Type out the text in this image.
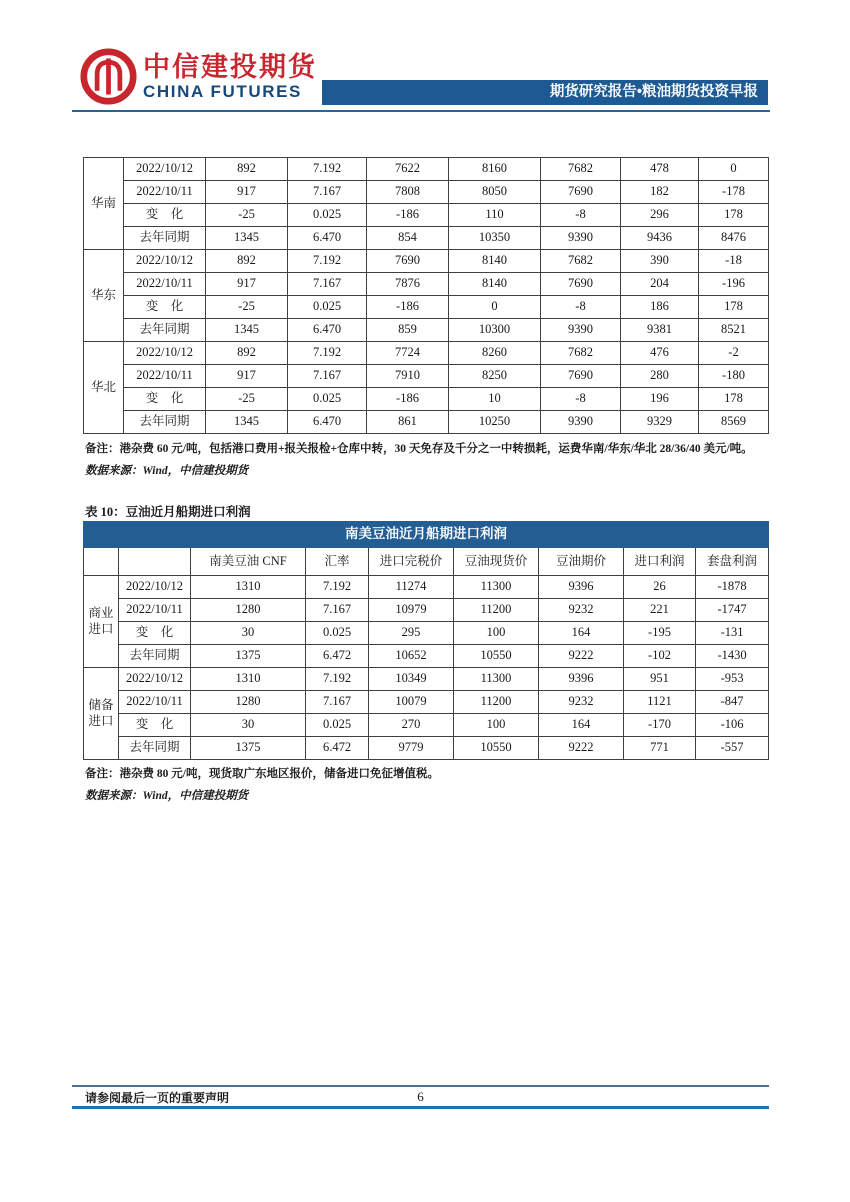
中信建投期货
CHINA FUTURES	期货研究报告•粮油期货投资早报
华南	2022/10/12	892	7.192	7622	8160	7682	478	0
	2022/10/11	917	7.167	7808	8050	7690	182	-178
	变　化	-25	0.025	-186	110	-8	296	178
	去年同期	1345	6.470	854	10350	9390	9436	8476
华东	2022/10/12	892	7.192	7690	8140	7682	390	-18
	2022/10/11	917	7.167	7876	8140	7690	204	-196
	变　化	-25	0.025	-186	0	-8	186	178
	去年同期	1345	6.470	859	10300	9390	9381	8521
华北	2022/10/12	892	7.192	7724	8260	7682	476	-2
	2022/10/11	917	7.167	7910	8250	7690	280	-180
	变　化	-25	0.025	-186	10	-8	196	178
	去年同期	1345	6.470	861	10250	9390	9329	8569
备注：港杂费 60 元/吨，包括港口费用+报关报检+仓库中转，30 天免存及千分之一中转损耗，运费华南/华东/华北 28/36/40 美元/吨。
数据来源：Wind，中信建投期货
表 10：豆油近月船期进口利润
南美豆油近月船期进口利润								
		南美豆油 CNF	汇率	进口完税价	豆油现货价	豆油期价	进口利润	套盘利润
商业进口	2022/10/12	1310	7.192	11274	11300	9396	26	-1878
	2022/10/11	1280	7.167	10979	11200	9232	221	-1747
	变　化	30	0.025	295	100	164	-195	-131
	去年同期	1375	6.472	10652	10550	9222	-102	-1430
储备进口	2022/10/12	1310	7.192	10349	11300	9396	951	-953
	2022/10/11	1280	7.167	10079	11200	9232	1121	-847
	变　化	30	0.025	270	100	164	-170	-106
	去年同期	1375	6.472	9779	10550	9222	771	-557
备注：港杂费 80 元/吨，现货取广东地区报价，储备进口免征增值税。
数据来源：Wind，中信建投期货
请参阅最后一页的重要声明	6
